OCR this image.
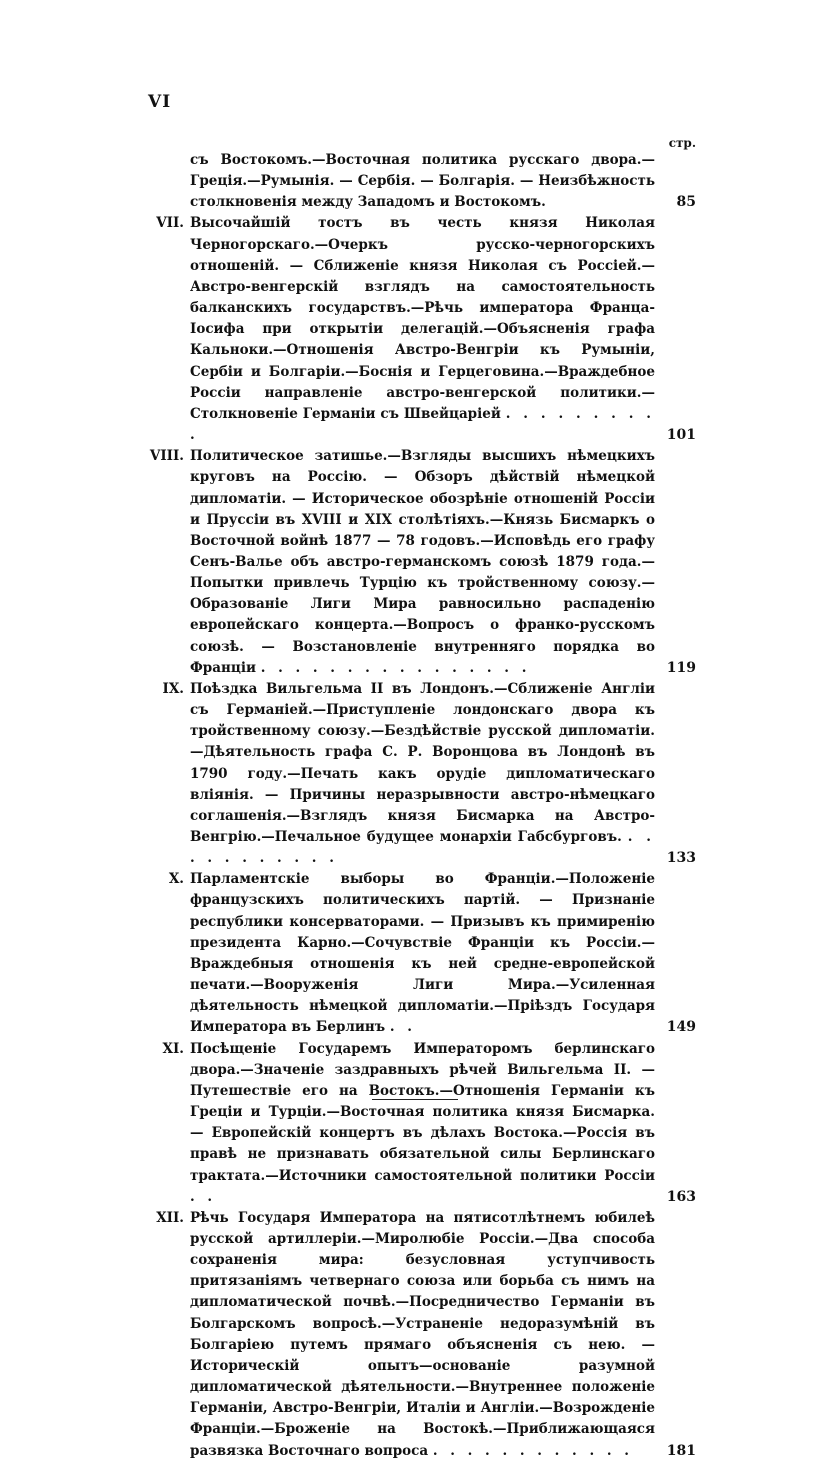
VI
стр.
съ Востокомъ.—Восточная политика русскаго двора.—Греція.—Румынія. — Сербія. — Болгарія. — Неизбѣжность столкновенія между Западомъ и Востокомъ.	85
VII. Высочайшій тостъ въ честь князя Николая Черногорскаго.—Очеркъ русско-черногорскихъ отношеній. — Сближеніе князя Николая съ Россіей.—Австро-венгерскій взглядъ на самостоятельность балканскихъ государствъ.—Рѣчь императора Франца-Іосифа при открытіи делегацій.—Объясненія графа Кальноки.—Отношенія Австро-Венгріи къ Румыніи, Сербіи и Болгаріи.—Боснія и Герцеговина.—Враждебное Россіи направленіе австро-венгерской политики.—Столкновеніе Германіи съ Швейцаріей . . . . . . . . . .	101
VIII. Политическое затишье.—Взгляды высшихъ нѣмецкихъ круговъ на Россію. — Обзоръ дѣйствій нѣмецкой дипломатіи. — Историческое обозрѣніе отношеній Россіи и Пруссіи въ XVIII и XIX столѣтіяхъ.—Князь Бисмаркъ о Восточной войнѣ 1877 — 78 годовъ.—Исповѣдь его графу Сенъ-Валье объ австро-германскомъ союзѣ 1879 года.—Попытки привлечь Турцію къ тройственному союзу.—Образованіе Лиги Мира равносильно распаденію европейскаго концерта.—Вопросъ о франко-русскомъ союзѣ. — Возстановленіе внутренняго порядка во Франціи . . . . . . . . . . . . . . . .	119
IX. Поѣздка Вильгельма II въ Лондонъ.—Сближеніе Англіи съ Германіей.—Приступленіе лондонскаго двора къ тройственному союзу.—Бездѣйствіе русской дипломатіи.—Дѣятельность графа С. Р. Воронцова въ Лондонѣ въ 1790 году.—Печать какъ орудіе дипломатическаго вліянія. — Причины неразрывности австро-нѣмецкаго соглашенія.—Взглядъ князя Бисмарка на Австро-Венгрію.—Печальное будущее монархіи Габсбурговъ. . . . . . . . . . . .	133
X. Парламентскіе выборы во Франціи.—Положеніе французскихъ политическихъ партій. — Признаніе республики консерваторами. — Призывъ къ примиренію президента Карно.—Сочувствіе Франціи къ Россіи.—Враждебныя отношенія къ ней средне-европейской печати.—Вооруженія Лиги Мира.—Усиленная дѣятельность нѣмецкой дипломатіи.—Пріѣздъ Государя Императора въ Берлинъ . .	149
XI. Посѣщеніе Государемъ Императоромъ берлинскаго двора.—Значеніе заздравныхъ рѣчей Вильгельма II. — Путешествіе его на Востокъ.—Отношенія Германіи къ Греціи и Турціи.—Восточная политика князя Бисмарка. — Европейскій концертъ въ дѣлахъ Востока.—Россія въ правѣ не признавать обязательной силы Берлинскаго трактата.—Источники самостоятельной политики Россіи . .	163
XII. Рѣчь Государя Императора на пятисотлѣтнемъ юбилеѣ русской артиллеріи.—Миролюбіе Россіи.—Два способа сохраненія мира: безусловная уступчивость притязаніямъ четвернаго союза или борьба съ нимъ на дипломатической почвѣ.—Посредничество Германіи въ Болгарскомъ вопросѣ.—Устраненіе недоразумѣній въ Болгаріею путемъ прямаго объясненія съ нею. — Историческій опытъ—основаніе разумной дипломатической дѣятельности.—Внутреннее положеніе Германіи, Австро-Венгріи, Италіи и Англіи.—Возрожденіе Франціи.—Броженіе на Востокѣ.—Приближающаяся развязка Восточнаго вопроса . . . . . . . . . . . .	181
